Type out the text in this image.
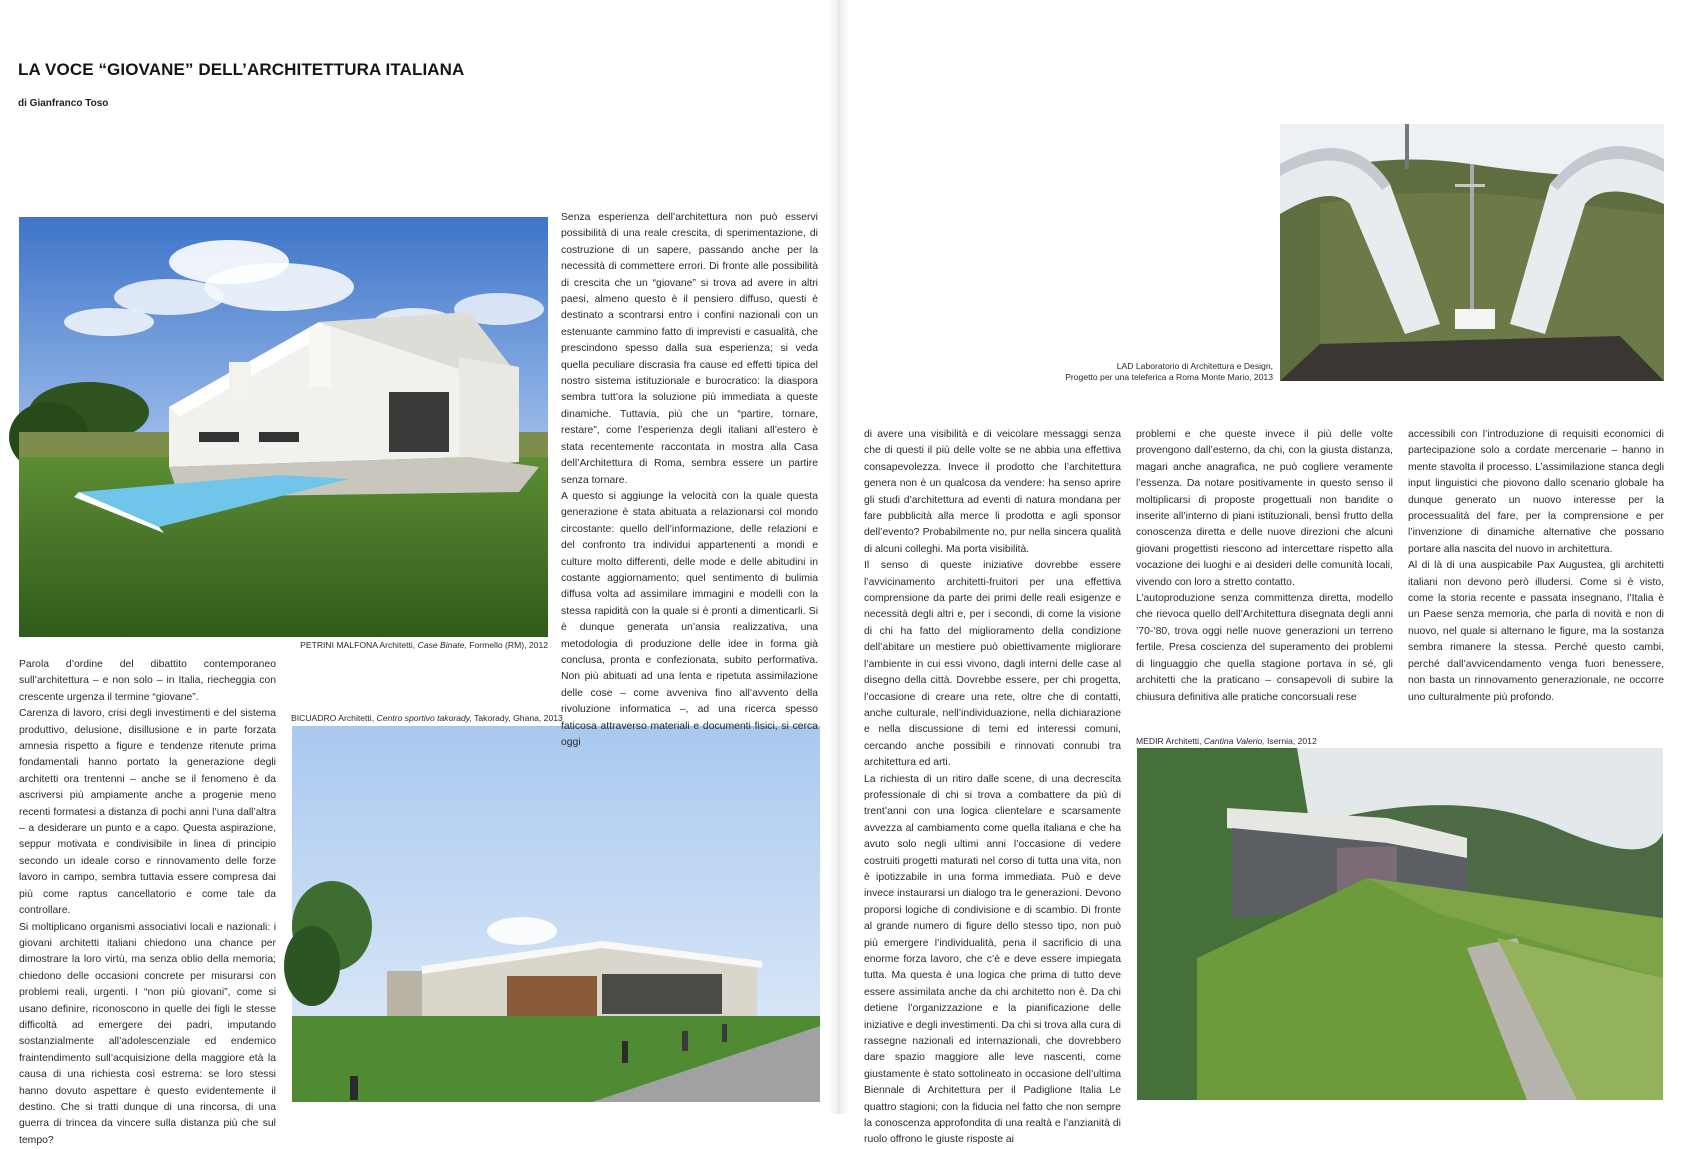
LA VOCE “GIOVANE” DELL’ARCHITETTURA ITALIANA
di Gianfranco Toso
PETRINI MALFONA Architetti, Case Binate, Formello (RM), 2012
BICUADRO Architetti, Centro sportivo takorady, Takorady, Ghana, 2013
LAD Laboratorio di Architettura e Design,
Progetto per una teleferica a Roma Monte Mario, 2013
MEDIR Architetti, Cantina Valerio, Isernia, 2012

Parola d’ordine del dibattito contemporaneo sull’architettura – e non solo – in Italia, riecheggia con crescente urgenza il termine “giovane”.

Carenza di lavoro, crisi degli investimenti e del sistema produttivo, delusione, disillusione e in parte forzata amnesia rispetto a figure e tendenze ritenute prima fondamentali hanno portato la generazione degli architetti ora trentenni – anche se il fenomeno è da ascriversi più ampiamente anche a progenie meno recenti formatesi a distanza di pochi anni l’una dall’altra – a desiderare un punto e a capo. Questa aspirazione, seppur motivata e condivisibile in linea di principio secondo un ideale corso e rinnovamento delle forze lavoro in campo, sembra tuttavia essere compresa dai più come raptus cancellatorio e come tale da controllare.

Si moltiplicano organismi associativi locali e nazionali: i giovani architetti italiani chiedono una chance per dimostrare la loro virtù, ma senza oblio della memoria; chiedono delle occasioni concrete per misurarsi con problemi reali, urgenti. I “non più giovani”, come si usano definire, riconoscono in quelle dei figli le stesse difficoltà ad emergere dei padri, imputando sostanzialmente all’adolescenziale ed endemico fraintendimento sull’acquisizione della maggiore età la causa di una richiesta così estrema: se loro stessi hanno dovuto aspettare è questo evidentemente il destino. Che si tratti dunque di una rincorsa, di una guerra di trincea da vincere sulla distanza più che sul tempo?

Senza esperienza dell’architettura non può esservi possibilità di una reale crescita, di sperimentazione, di costruzione di un sapere, passando anche per la necessità di commettere errori. Di fronte alle possibilità di crescita che un “giovane” si trova ad avere in altri paesi, almeno questo è il pensiero diffuso, questi è destinato a scontrarsi entro i confini nazionali con un estenuante cammino fatto di imprevisti e casualità, che prescindono spesso dalla sua esperienza; si veda quella peculiare discrasia fra cause ed effetti tipica del nostro sistema istituzionale e burocratico: la diaspora sembra tutt’ora la soluzione più immediata a queste dinamiche. Tuttavia, più che un “partire, tornare, restare”, come l’esperienza degli italiani all’estero è stata recentemente raccontata in mostra alla Casa dell’Architettura di Roma, sembra essere un partire senza tornare.

A questo si aggiunge la velocità con la quale questa generazione è stata abituata a relazionarsi col mondo circostante: quello dell’informazione, delle relazioni e del confronto tra individui appartenenti a mondi e culture molto differenti, delle mode e delle abitudini in costante aggiornamento; quel sentimento di bulimia diffusa volta ad assimilare immagini e modelli con la stessa rapidità con la quale si è pronti a dimenticarli. Si è dunque generata un’ansia realizzativa, una metodologia di produzione delle idee in forma già conclusa, pronta e confezionata, subito performativa. Non più abituati ad una lenta e ripetuta assimilazione delle cose – come avveniva fino all’avvento della rivoluzione informatica –, ad una ricerca spesso faticosa attraverso materiali e documenti fisici, si cerca oggi

di avere una visibilità e di veicolare messaggi senza che di questi il più delle volte se ne abbia una effettiva consapevolezza. Invece il prodotto che l’architettura genera non è un qualcosa da vendere: ha senso aprire gli studi d’architettura ad eventi di natura mondana per fare pubblicità alla merce li prodotta e agli sponsor dell’evento? Probabilmente no, pur nella sincera qualità di alcuni colleghi. Ma porta visibilità.

Il senso di queste iniziative dovrebbe essere l’avvicinamento architetti-fruitori per una effettiva comprensione da parte dei primi delle reali esigenze e necessità degli altri e, per i secondi, di come la visione di chi ha fatto del miglioramento della condizione dell’abitare un mestiere può obiettivamente migliorare l’ambiente in cui essi vivono, dagli interni delle case al disegno della città. Dovrebbe essere, per chi progetta, l’occasione di creare una rete, oltre che di contatti, anche culturale, nell’individuazione, nella dichiarazione e nella discussione di temi ed interessi comuni, cercando anche possibili e rinnovati connubi tra architettura ed arti.

La richiesta di un ritiro dalle scene, di una decrescita professionale di chi si trova a combattere da più di trent’anni con una logica clientelare e scarsamente avvezza al cambiamento come quella italiana e che ha avuto solo negli ultimi anni l’occasione di vedere costruiti progetti maturati nel corso di tutta una vita, non è ipotizzabile in una forma immediata. Può e deve invece instaurarsi un dialogo tra le generazioni. Devono proporsi logiche di condivisione e di scambio. Di fronte al grande numero di figure dello stesso tipo, non può più emergere l’individualità, pena il sacrificio di una enorme forza lavoro, che c’è e deve essere impiegata tutta. Ma questa è una logica che prima di tutto deve essere assimilata anche da chi architetto non è. Da chi detiene l’organizzazione e la pianificazione delle iniziative e degli investimenti. Da chi si trova alla cura di rassegne nazionali ed internazionali, che dovrebbero dare spazio maggiore alle leve nascenti, come giustamente è stato sottolineato in occasione dell’ultima Biennale di Architettura per il Padiglione Italia Le quattro stagioni; con la fiducia nel fatto che non sempre la conoscenza approfondita di una realtà e l’anzianità di ruolo offrono le giuste risposte ai

problemi e che queste invece il più delle volte provengono dall’esterno, da chi, con la giusta distanza, magari anche anagrafica, ne può cogliere veramente l’essenza. Da notare positivamente in questo senso il moltiplicarsi di proposte progettuali non bandite o inserite all’interno di piani istituzionali, bensì frutto della conoscenza diretta e delle nuove direzioni che alcuni giovani progettisti riescono ad intercettare rispetto alla vocazione dei luoghi e ai desideri delle comunità locali, vivendo con loro a stretto contatto.

L’autoproduzione senza committenza diretta, modello che rievoca quello dell’Architettura disegnata degli anni ’70-’80, trova oggi nelle nuove generazioni un terreno fertile. Presa coscienza del superamento dei problemi di linguaggio che quella stagione portava in sé, gli architetti che la praticano – consapevoli di subire la chiusura definitiva alle pratiche concorsuali rese

accessibili con l’introduzione di requisiti economici di partecipazione solo a cordate mercenarie – hanno in mente stavolta il processo. L’assimilazione stanca degli input linguistici che piovono dallo scenario globale ha dunque generato un nuovo interesse per la processualità del fare, per la comprensione e per l’invenzione di dinamiche alternative che possano portare alla nascita del nuovo in architettura.

Al di là di una auspicabile Pax Augustea, gli architetti italiani non devono però illudersi. Come si è visto, come la storia recente e passata insegnano, l’Italia è un Paese senza memoria, che parla di novità e non di nuovo, nel quale si alternano le figure, ma la sostanza sembra rimanere la stessa. Perché questo cambi, perché dall’avvicendamento venga fuori benessere, non basta un rinnovamento generazionale, ne occorre uno culturalmente più profondo.
